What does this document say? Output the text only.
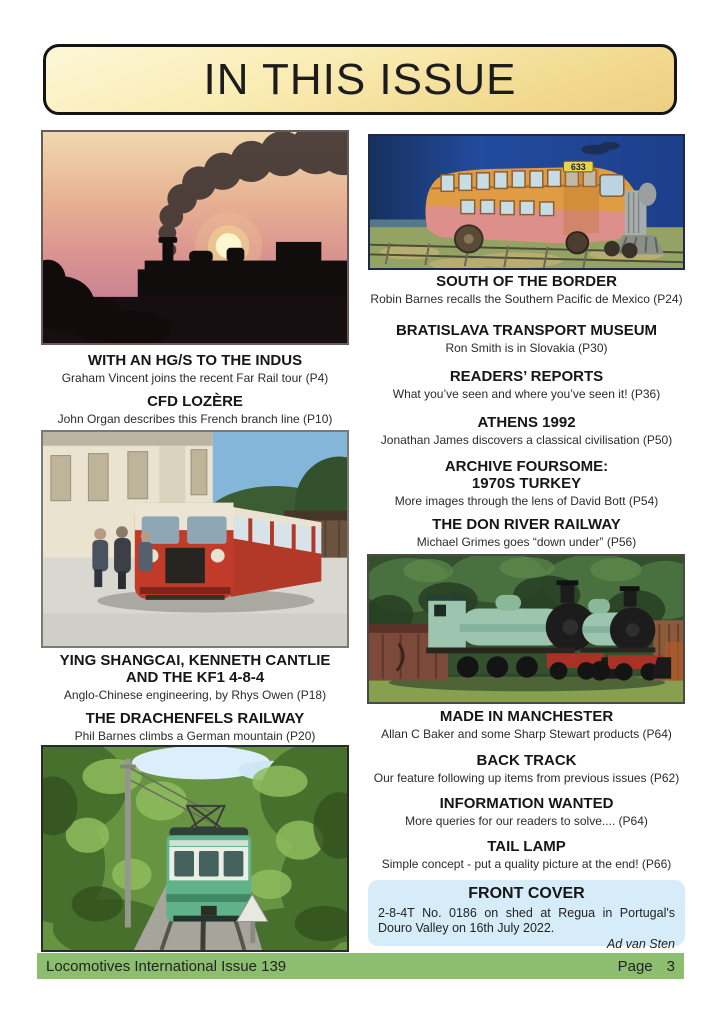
IN THIS ISSUE
WITH AN HG/S TO THE INDUS
Graham Vincent joins the recent Far Rail tour (P4)
CFD LOZÈRE
John Organ describes this French branch line (P10)
YING SHANGCAI, KENNETH CANTLIE
AND THE KF1 4-8-4
Anglo-Chinese engineering, by Rhys Owen (P18)
THE DRACHENFELS RAILWAY
Phil Barnes climbs a German mountain (P20)
633
SOUTH OF THE BORDER
Robin Barnes recalls the Southern Pacific de Mexico (P24)
BRATISLAVA TRANSPORT MUSEUM
Ron Smith is in Slovakia (P30)
READERS’ REPORTS
What you’ve seen and where you’ve seen it! (P36)
ATHENS 1992
Jonathan James discovers a classical civilisation (P50)
ARCHIVE FOURSOME:
1970S TURKEY
More images through the lens of David Bott (P54)
THE DON RIVER RAILWAY
Michael Grimes goes “down under” (P56)
MADE IN MANCHESTER
Allan C Baker and some Sharp Stewart products (P64)
BACK TRACK
Our feature following up items from previous issues (P62)
INFORMATION WANTED
More queries for our readers to solve.... (P64)
TAIL LAMP
Simple concept - put a quality picture at the end! (P66)
FRONT COVER
2-8-4T No. 0186 on shed at Regua in Portugal's Douro Valley on 16th July 2022.
Ad van Sten
Locomotives International Issue 139	Page 3
